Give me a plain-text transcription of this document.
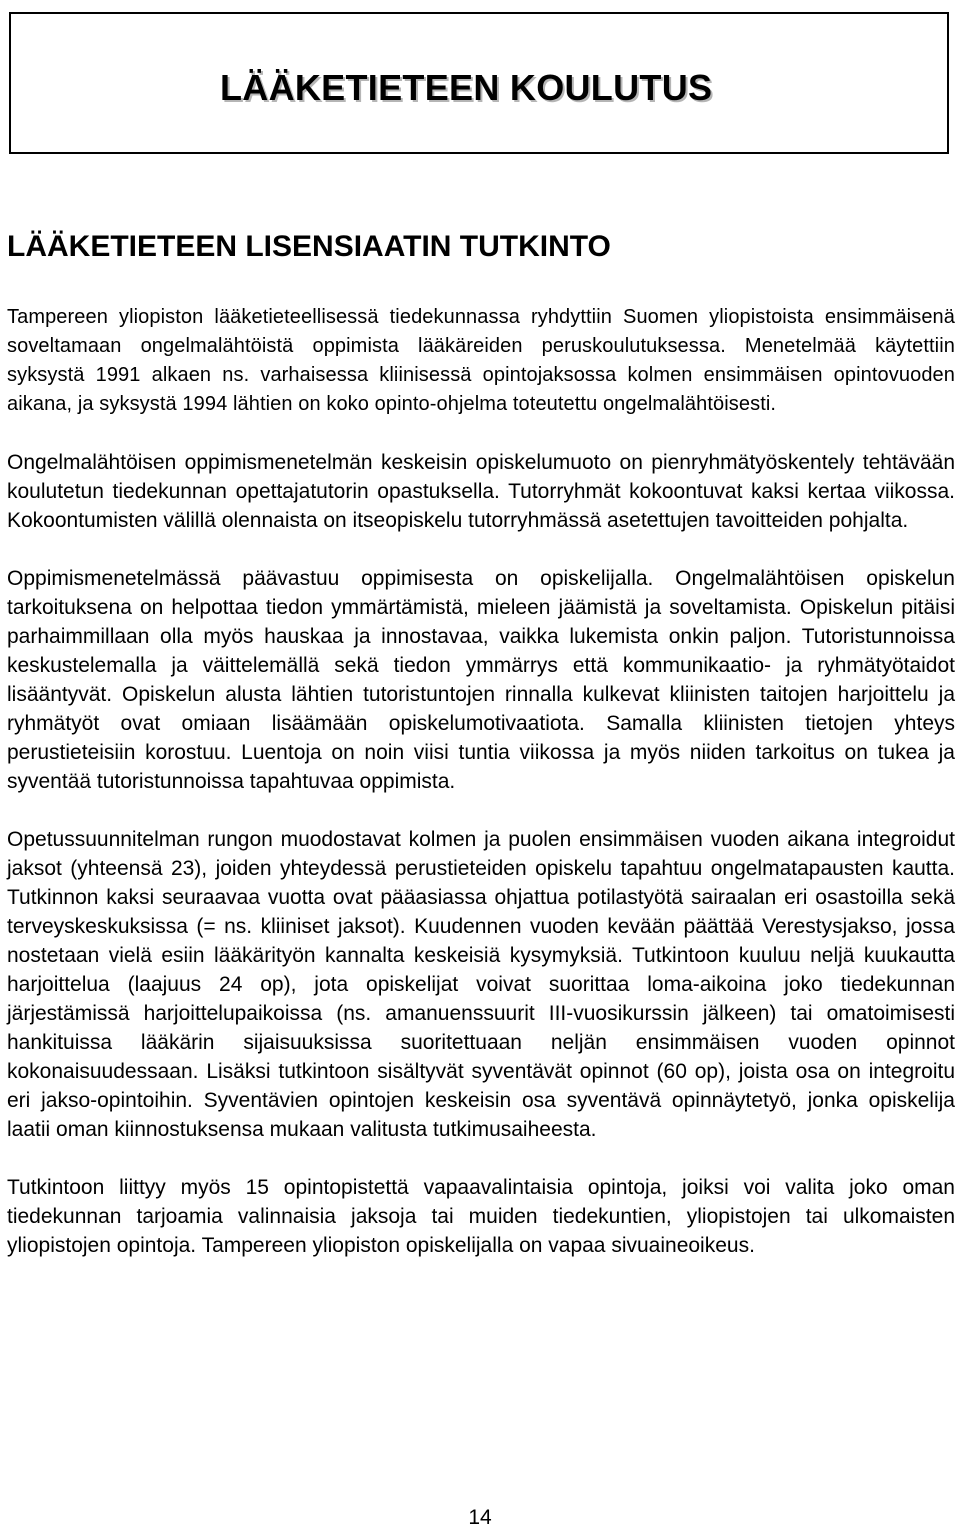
LÄÄKETIETEEN KOULUTUS
LÄÄKETIETEEN LISENSIAATIN TUTKINTO

Tampereen yliopiston lääketieteellisessä tiedekunnassa ryhdyttiin Suomen yliopistoista ensimmäisenä soveltamaan ongelmalähtöistä oppimista lääkäreiden peruskoulutuksessa. Menetelmää käytettiin syksystä 1991 alkaen ns. varhaisessa kliinisessä opintojaksossa kolmen ensimmäisen opintovuoden aikana, ja syksystä 1994 lähtien on koko opinto-ohjelma toteutettu ongelmalähtöisesti.

Ongelmalähtöisen oppimismenetelmän keskeisin opiskelumuoto on pienryhmätyöskentely tehtävään koulutetun tiedekunnan opettajatutorin opastuksella. Tutorryhmät kokoontuvat kaksi kertaa viikossa. Kokoontumisten välillä olennaista on itseopiskelu tutorryhmässä asetettujen tavoitteiden pohjalta.

Oppimismenetelmässä päävastuu oppimisesta on opiskelijalla. Ongelmalähtöisen opiskelun tarkoituksena on helpottaa tiedon ymmärtämistä, mieleen jäämistä ja soveltamista. Opiskelun pitäisi parhaimmillaan olla myös hauskaa ja innostavaa, vaikka lukemista onkin paljon. Tutoristunnoissa keskustelemalla ja väittelemällä sekä tiedon ymmärrys että kommunikaatio- ja ryhmätyötaidot lisääntyvät. Opiskelun alusta lähtien tutoristuntojen rinnalla kulkevat kliinisten taitojen harjoittelu ja ryhmätyöt ovat omiaan lisäämään opiskelumotivaatiota. Samalla kliinisten tietojen yhteys perustieteisiin korostuu. Luentoja on noin viisi tuntia viikossa ja myös niiden tarkoitus on tukea ja syventää tutoristunnoissa tapahtuvaa oppimista.

Opetussuunnitelman rungon muodostavat kolmen ja puolen ensimmäisen vuoden aikana integroidut jaksot (yhteensä 23), joiden yhteydessä perustieteiden opiskelu tapahtuu ongelmatapausten kautta. Tutkinnon kaksi seuraavaa vuotta ovat pääasiassa ohjattua potilastyötä sairaalan eri osastoilla sekä terveyskeskuksissa (= ns. kliiniset jaksot). Kuudennen vuoden kevään päättää Verestysjakso, jossa nostetaan vielä esiin lääkärityön kannalta keskeisiä kysymyksiä. Tutkintoon kuuluu neljä kuukautta harjoittelua (laajuus 24 op), jota opiskelijat voivat suorittaa loma-aikoina joko tiedekunnan järjestämissä harjoittelupaikoissa (ns. amanuenssuurit III-vuosikurssin jälkeen) tai omatoimisesti hankituissa lääkärin sijaisuuksissa suoritettuaan neljän ensimmäisen vuoden opinnot kokonaisuudessaan. Lisäksi tutkintoon sisältyvät syventävät opinnot (60 op), joista osa on integroitu eri jakso-opintoihin. Syventävien opintojen keskeisin osa syventävä opinnäytetyö, jonka opiskelija laatii oman kiinnostuksensa mukaan valitusta tutkimusaiheesta.

Tutkintoon liittyy myös 15 opintopistettä vapaavalintaisia opintoja, joiksi voi valita joko oman tiedekunnan tarjoamia valinnaisia jaksoja tai muiden tiedekuntien, yliopistojen tai ulkomaisten yliopistojen opintoja. Tampereen yliopiston opiskelijalla on vapaa sivuaineoikeus.

14
